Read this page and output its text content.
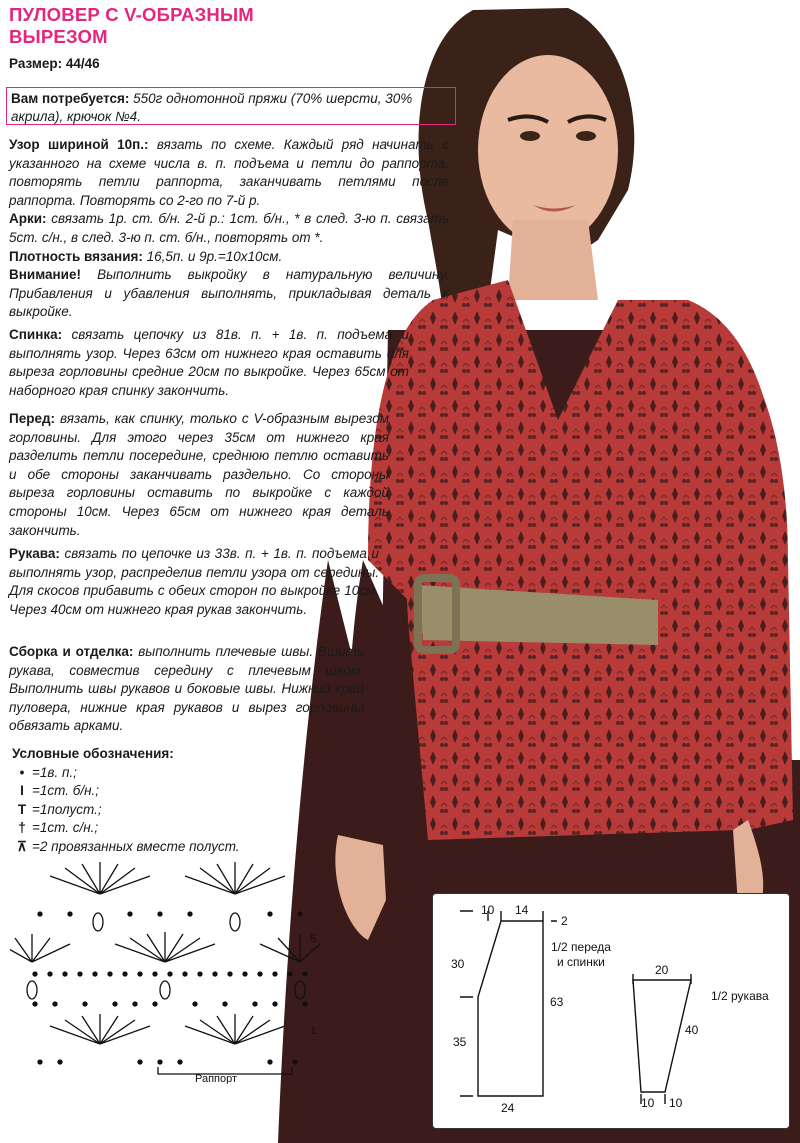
ПУЛОВЕР С V-ОБРАЗНЫМ ВЫРЕЗОМ
Размер: 44/46
Вам потребуется: 550г однотонной пряжи (70% шерсти, 30% акрила), крючок №4.
Узор шириной 10п.: вязать по схеме. Каждый ряд начинать с указанного на схеме числа в. п. подъема и петли до раппорта, повторять петли раппорта, заканчивать петлями после раппорта. Повторять со 2-го по 7-й р.
Арки: связать 1р. ст. б/н. 2-й р.: 1ст. б/н., * в след. 3-ю п. связать 5ст. с/н., в след. 3-ю п. ст. б/н., повторять от *.
Плотность вязания: 16,5п. и 9р.=10х10см.
Внимание! Выполнить выкройку в натуральную величину. Прибавления и убавления выполнять, прикладывая деталь к выкройке.
Спинка: связать цепочку из 81в. п. + 1в. п. подъема и выполнять узор. Через 63см от нижнего края оставить для выреза горловины средние 20см по выкройке. Через 65см от наборного края спинку закончить.
Перед: вязать, как спинку, только с V-образным вырезом горловины. Для этого через 35см от нижнего края разделить петли посередине, среднюю петлю оставить и обе стороны заканчивать раздельно. Со стороны выреза горловины оставить по выкройке с каждой стороны 10см. Через 65см от нижнего края деталь закончить.
Рукава: связать по цепочке из 33в. п. + 1в. п. подъема и выполнять узор, распределив петли узора от середины. Для скосов прибавить с обеих сторон по выкройке 10см. Через 40см от нижнего края рукав закончить.
Сборка и отделка: выполнить плечевые швы. Вшить рукава, совместив середину с плечевым швом. Выполнить швы рукавов и боковые швы. Нижний край пуловера, нижние края рукавов и вырез горловины обвязать арками.
Условные обозначения:
• =1в. п.;
I =1ст. б/н.;
T =1полуст.;
† =1ст. с/н.;
⊼ =2 провязанных вместе полуст.
Раппорт
5
1
10 14
2
30
35
63
24
1/2 переда
и спинки
20
40
1/2 рукава
10 10
